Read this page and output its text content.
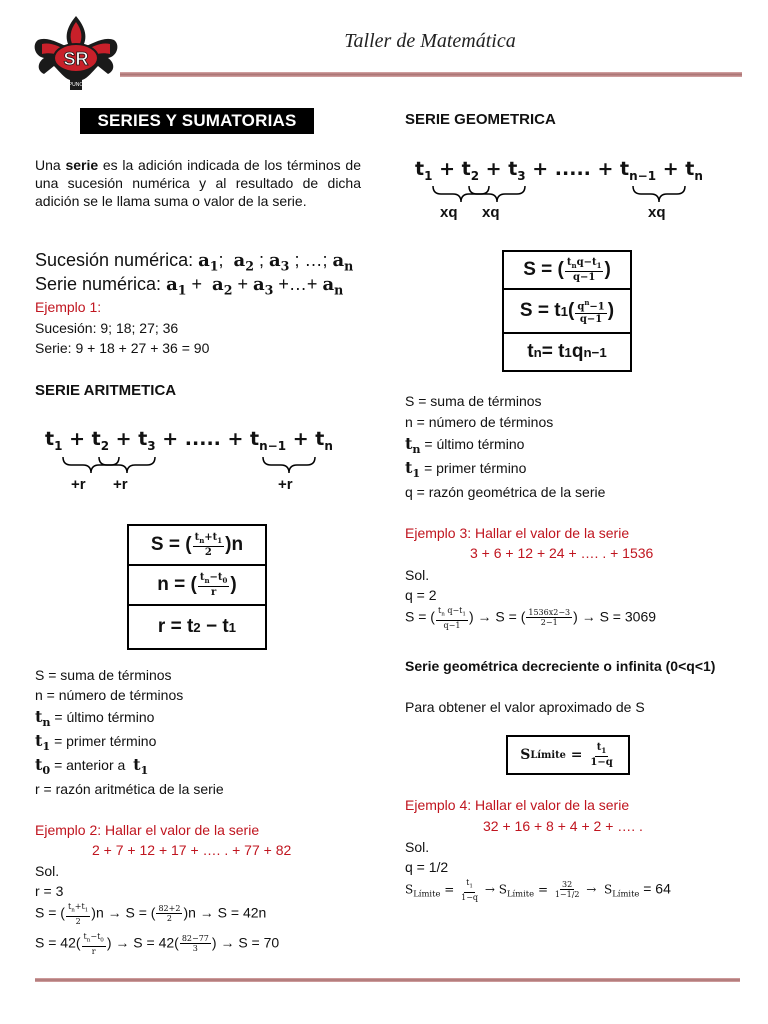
SR
PUNO
Taller de Matemática
SERIES Y SUMATORIAS
Una serie es la adición indicada de los términos de una sucesión numérica y al resultado de dicha adición se le llama suma o valor de la serie.
Sucesión numérica: $a_1$;  $a_2$ ; $a_3$ ; …; $a_n$
Serie numérica: $a_1 + a_2 + a_3$ +…+ $a_n$
Ejemplo 1:
Sucesión: 9; 18; 27; 36
Serie: 9 + 18 + 27 + 36 = 90
SERIE ARITMETICA
$t_1 + t_2 + t_3$ + ..... + $t_{n-1} + t_n$
+r +r	+r
S = ( $\frac{t_n+t_1}{2} )n$
n = ( $\frac{t_n-t_0}{r}$ )
r = t 2 − t 1
S = suma de términos
n = número de términos
$t_n$ = último término
$t_1$ = primer término
$t_0$ = anterior a  $t_1$
r = razón aritmética de la serie
Ejemplo 2: Hallar el valor de la serie
2 + 7 + 12 + 17 + …. . + 77 + 82
Sol.
r = 3
S = ( $\frac{t_n+t_1}{2} )n \to S$ = ( $\frac{82+2}{2} )n \to S = 42n$
$S = 42( \frac{t_n-t_0}{r}$ ) → $S = 42( \frac{82-77}{3}$ ) → S = 70
SERIE GEOMETRICA
$t_1 + t_2 + t_3$ + ..... + $t_{n-1} + t_n$
xq xq	xq
S = ( $\frac{t_nq-t_1}{q-1}$ )
S = t 1 ( $\frac{q^n-1}{q-1}$ )
t n = t 1 q n−1
S = suma de términos
n = número de términos
$t_n$ = último término
$t_1$ = primer término
q = razón geométrica de la serie
Ejemplo 3: Hallar el valor de la serie
3 + 6 + 12 + 24 + …. . + 1536
Sol.
q = 2
S = ( $\frac{t_n q-t_1}{q-1}$ ) → S = ( $\frac{1536x2-3}{2-1}$ ) → S = 3069
Serie geométrica decreciente o infinita (0<q<1)
Para obtener el valor aproximado de S
S Límite = $\frac{t_1}{1-q}$
Ejemplo 4: Hallar el valor de la serie
32 + 16 + 8 + 4 + 2 + …. .
Sol.
q = 1/2
$S_{Límite} = \frac{t_1}{1-q} \to S_{Límite} = \frac{32}{1-1/2} \to S_{Límite} = 64$
